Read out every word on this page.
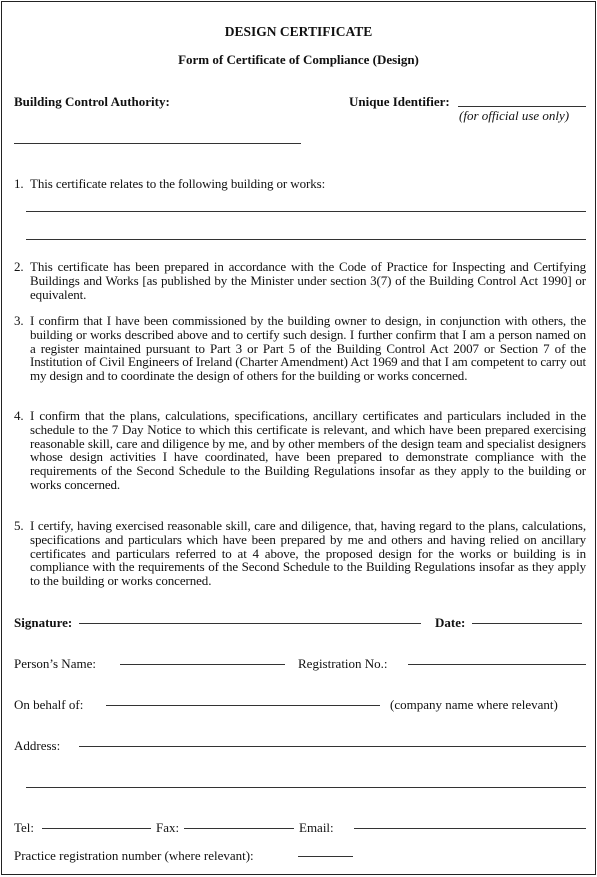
DESIGN CERTIFICATE
Form of Certificate of Compliance (Design)
Building Control Authority:	Unique Identifier:
(for official use only)
1. This certificate relates to the following building or works:
2. This certificate has been prepared in accordance with the Code of Practice for Inspecting and Certifying Buildings and Works [as published by the Minister under section 3(7) of the Building Control Act 1990] or equivalent.
3. I confirm that I have been commissioned by the building owner to design, in conjunction with others, the building or works described above and to certify such design. I further confirm that I am a person named on a register maintained pursuant to Part 3 or Part 5 of the Building Control Act 2007 or Section 7 of the Institution of Civil Engineers of Ireland (Charter Amendment) Act 1969 and that I am competent to carry out my design and to coordinate the design of others for the building or works concerned.
4. I confirm that the plans, calculations, specifications, ancillary certificates and particulars included in the schedule to the 7 Day Notice to which this certificate is relevant, and which have been prepared exercising reasonable skill, care and diligence by me, and by other members of the design team and specialist designers whose design activities I have coordinated, have been prepared to demonstrate compliance with the requirements of the Second Schedule to the Building Regulations insofar as they apply to the building or works concerned.
5. I certify, having exercised reasonable skill, care and diligence, that, having regard to the plans, calculations, specifications and particulars which have been prepared by me and others and having relied on ancillary certificates and particulars referred to at 4 above, the proposed design for the works or building is in compliance with the requirements of the Second Schedule to the Building Regulations insofar as they apply to the building or works concerned.
Signature:	Date:
Person’s Name:	Registration No.:
On behalf of:	(company name where relevant)
Address:
Tel:	Fax:	Email:
Practice registration number (where relevant):
